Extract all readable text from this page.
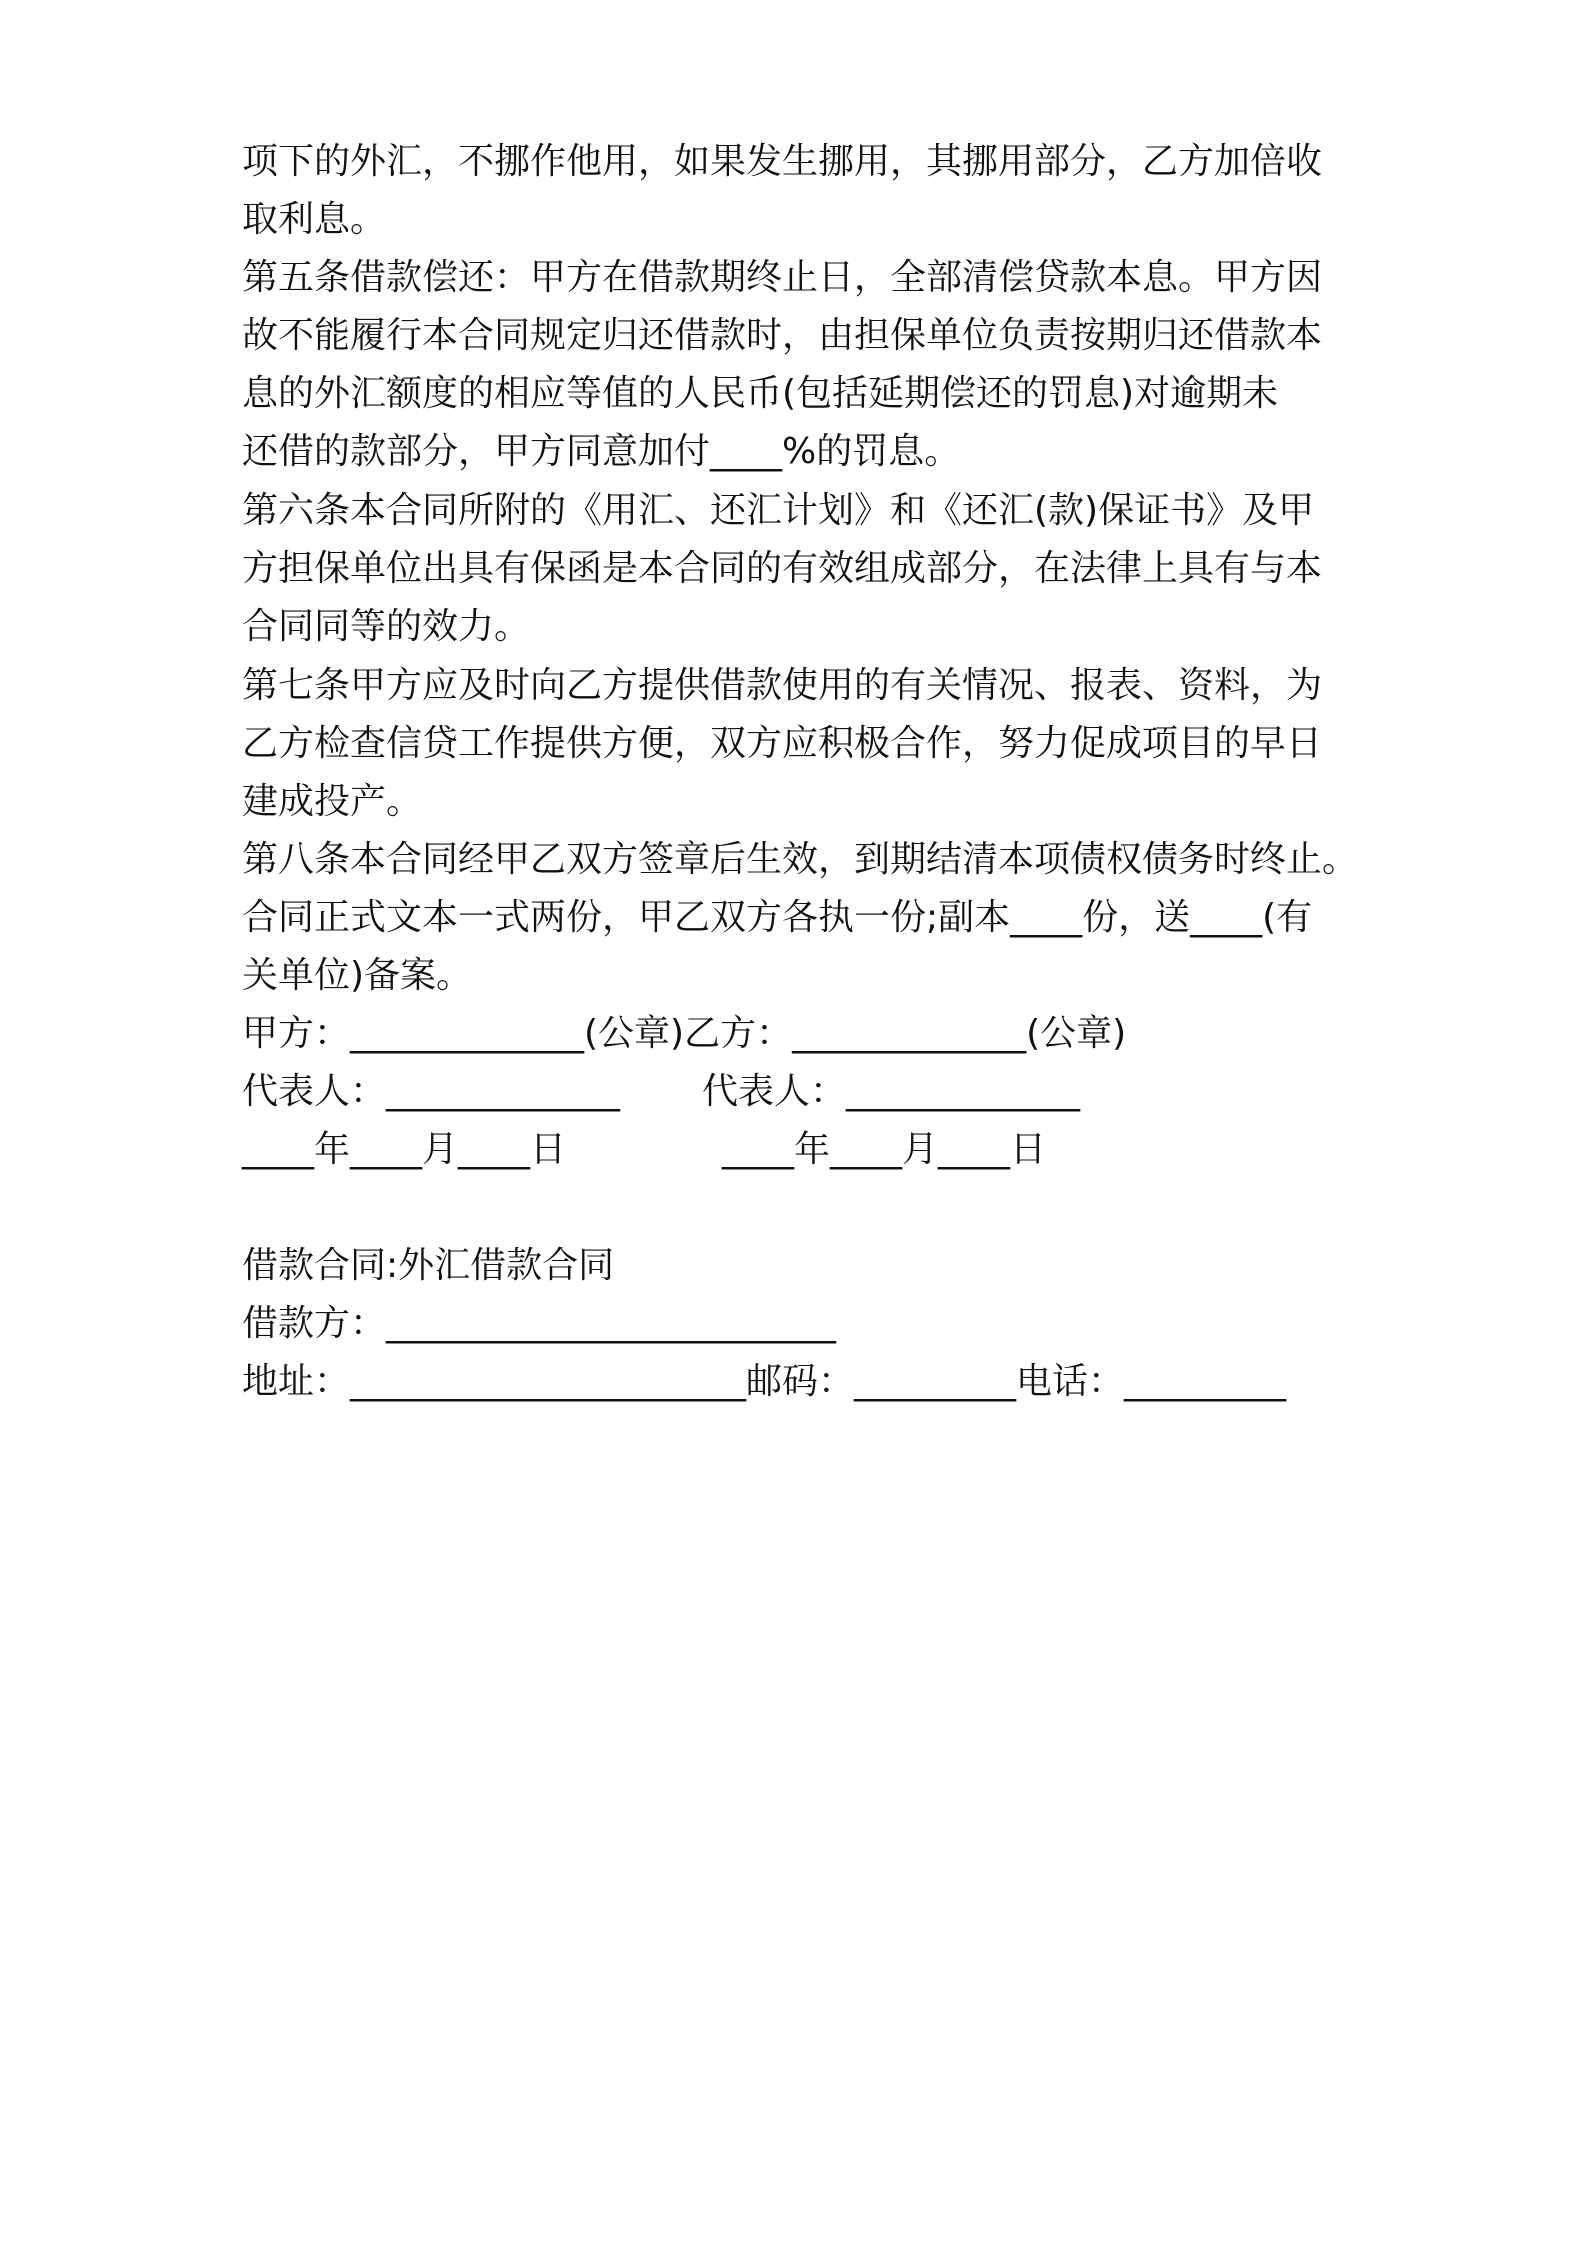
项下的外汇，不挪作他用，如果发生挪用，其挪用部分，乙方加倍收
取利息。
第五条借款偿还：甲方在借款期终止日，全部清偿贷款本息。甲方因
故不能履行本合同规定归还借款时，由担保单位负责按期归还借款本
息的外汇额度的相应等值的人民币(包括延期偿还的罚息)对逾期未
还借的款部分，甲方同意加付____%的罚息。
第六条本合同所附的《用汇、还汇计划》和《还汇(款)保证书》及甲
方担保单位出具有保函是本合同的有效组成部分，在法律上具有与本
合同同等的效力。
第七条甲方应及时向乙方提供借款使用的有关情况、报表、资料，为
乙方检查信贷工作提供方便，双方应积极合作，努力促成项目的早日
建成投产。
第八条本合同经甲乙双方签章后生效，到期结清本项债权债务时终止。
合同正式文本一式两份，甲乙双方各执一份;副本____份，送____(有
关单位)备案。
甲方：_____________(公章)乙方：_____________(公章)
代表人：_____________ 代表人：_____________
____年____月____日	____年____月____日
借款合同:外汇借款合同
借款方：_________________________
地址：______________________邮码：_________电话：_________
